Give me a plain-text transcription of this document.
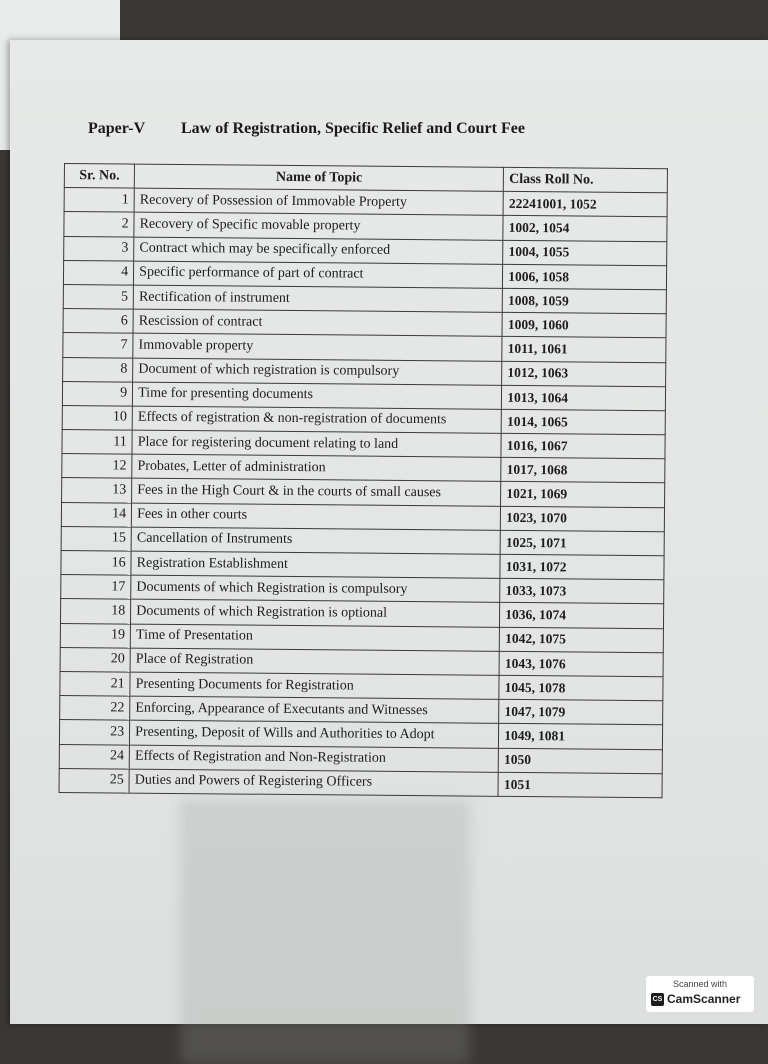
Paper-V Law of Registration, Specific Relief and Court Fee
Sr. No.	Name of Topic	Class Roll No.
1	Recovery of Possession of Immovable Property	22241001, 1052
2	Recovery of Specific movable property	1002, 1054
3	Contract which may be specifically enforced	1004, 1055
4	Specific performance of part of contract	1006, 1058
5	Rectification of instrument	1008, 1059
6	Rescission of contract	1009, 1060
7	Immovable property	1011, 1061
8	Document of which registration is compulsory	1012, 1063
9	Time for presenting documents	1013, 1064
10	Effects of registration & non-registration of documents	1014, 1065
11	Place for registering document relating to land	1016, 1067
12	Probates, Letter of administration	1017, 1068
13	Fees in the High Court & in the courts of small causes	1021, 1069
14	Fees in other courts	1023, 1070
15	Cancellation of Instruments	1025, 1071
16	Registration Establishment	1031, 1072
17	Documents of which Registration is compulsory	1033, 1073
18	Documents of which Registration is optional	1036, 1074
19	Time of Presentation	1042, 1075
20	Place of Registration	1043, 1076
21	Presenting Documents for Registration	1045, 1078
22	Enforcing, Appearance of Executants and Witnesses	1047, 1079
23	Presenting, Deposit of Wills and Authorities to Adopt	1049, 1081
24	Effects of Registration and Non-Registration	1050
25	Duties and Powers of Registering Officers	1051
Scanned with
CS CamScanner
